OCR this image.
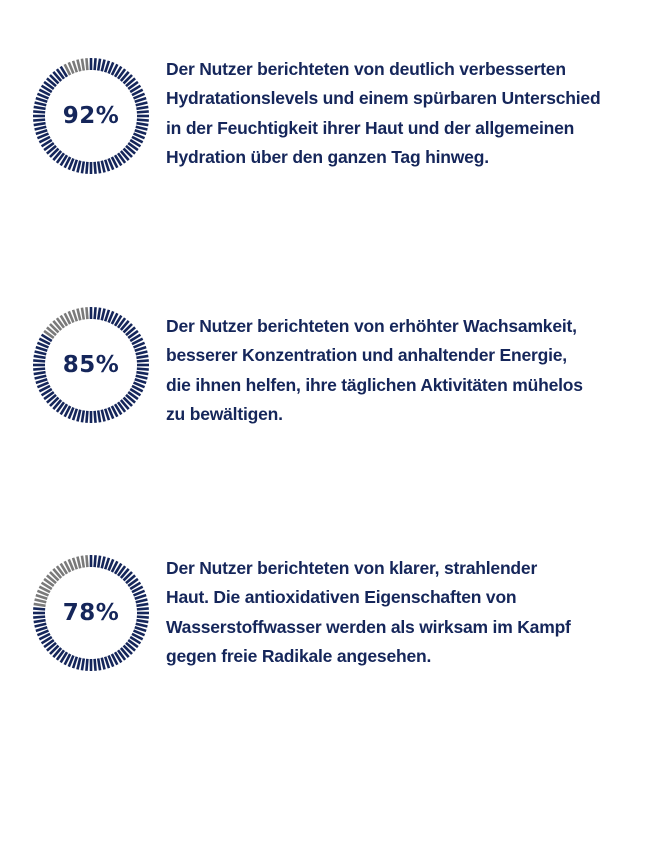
92%

Der Nutzer berichteten von deutlich verbesserten
Hydratationslevels und einem spürbaren Unterschied
in der Feuchtigkeit ihrer Haut und der allgemeinen
Hydration über den ganzen Tag hinweg.

85%

Der Nutzer berichteten von erhöhter Wachsamkeit,
besserer Konzentration und anhaltender Energie,
die ihnen helfen, ihre täglichen Aktivitäten mühelos
zu bewältigen.

78%

Der Nutzer berichteten von klarer, strahlender
Haut. Die antioxidativen Eigenschaften von
Wasserstoffwasser werden als wirksam im Kampf
gegen freie Radikale angesehen.
